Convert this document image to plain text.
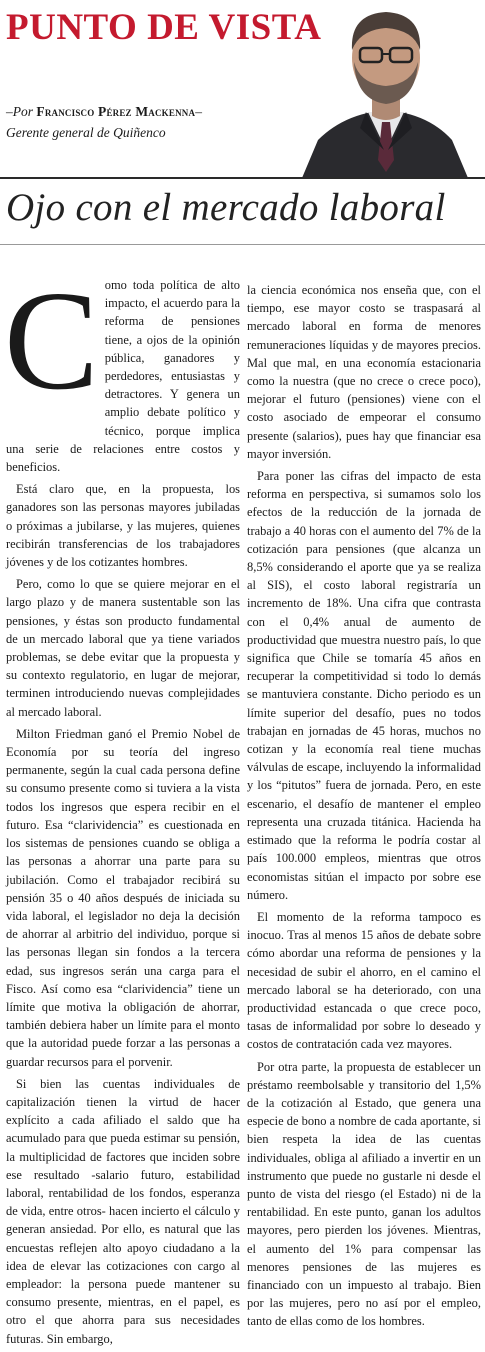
PUNTO DE VISTA
–Por Francisco Pérez Mackenna–
Gerente general de Quiñenco
Ojo con el mercado laboral
C omo toda política de alto impacto, el acuerdo para la reforma de pensiones tiene, a ojos de la opinión pública, ganadores y perdedores, entusiastas y detractores. Y genera un amplio debate político y técnico, porque implica una serie de relaciones entre costos y beneficios.

Está claro que, en la propuesta, los ganadores son las personas mayores jubiladas o próximas a jubilarse, y las mujeres, quienes recibirán transferencias de los trabajadores jóvenes y de los cotizantes hombres.

Pero, como lo que se quiere mejorar en el largo plazo y de manera sustentable son las pensiones, y éstas son producto fundamental de un mercado laboral que ya tiene variados problemas, se debe evitar que la propuesta y su contexto regulatorio, en lugar de mejorar, terminen introduciendo nuevas complejidades al mercado laboral.

Milton Friedman ganó el Premio Nobel de Economía por su teoría del ingreso permanente, según la cual cada persona define su consumo presente como si tuviera a la vista todos los ingresos que espera recibir en el futuro. Esa “clarividencia” es cuestionada en los sistemas de pensiones cuando se obliga a las personas a ahorrar una parte para su jubilación. Como el trabajador recibirá su pensión 35 o 40 años después de iniciada su vida laboral, el legislador no deja la decisión de ahorrar al arbitrio del individuo, porque si las personas llegan sin fondos a la tercera edad, sus ingresos serán una carga para el Fisco. Así como esa “clarividencia” tiene un límite que motiva la obligación de ahorrar, también debiera haber un límite para el monto que la autoridad puede forzar a las personas a guardar recursos para el porvenir.

Si bien las cuentas individuales de capitalización tienen la virtud de hacer explícito a cada afiliado el saldo que ha acumulado para que pueda estimar su pensión, la multiplicidad de factores que inciden sobre ese resultado -salario futuro, estabilidad laboral, rentabilidad de los fondos, esperanza de vida, entre otros- hacen incierto el cálculo y generan ansiedad. Por ello, es natural que las encuestas reflejen alto apoyo ciudadano a la idea de elevar las cotizaciones con cargo al empleador: la persona puede mantener su consumo presente, mientras, en el papel, es otro el que ahorra para sus necesidades futuras. Sin embargo,

la ciencia económica nos enseña que, con el tiempo, ese mayor costo se traspasará al mercado laboral en forma de menores remuneraciones líquidas y de mayores precios. Mal que mal, en una economía estacionaria como la nuestra (que no crece o crece poco), mejorar el futuro (pensiones) viene con el costo asociado de empeorar el consumo presente (salarios), pues hay que financiar esa mayor inversión.

Para poner las cifras del impacto de esta reforma en perspectiva, si sumamos solo los efectos de la reducción de la jornada de trabajo a 40 horas con el aumento del 7% de la cotización para pensiones (que alcanza un 8,5% considerando el aporte que ya se realiza al SIS), el costo laboral registraría un incremento de 18%. Una cifra que contrasta con el 0,4% anual de aumento de productividad que muestra nuestro país, lo que significa que Chile se tomaría 45 años en recuperar la competitividad si todo lo demás se mantuviera constante. Dicho periodo es un límite superior del desafío, pues no todos trabajan en jornadas de 45 horas, muchos no cotizan y la economía real tiene muchas válvulas de escape, incluyendo la informalidad y los “pitutos” fuera de jornada. Pero, en este escenario, el desafío de mantener el empleo representa una cruzada titánica. Hacienda ha estimado que la reforma le podría costar al país 100.000 empleos, mientras que otros economistas sitúan el impacto por sobre ese número.

El momento de la reforma tampoco es inocuo. Tras al menos 15 años de debate sobre cómo abordar una reforma de pensiones y la necesidad de subir el ahorro, en el camino el mercado laboral se ha deteriorado, con una productividad estancada o que crece poco, tasas de informalidad por sobre lo deseado y costos de contratación cada vez mayores.

Por otra parte, la propuesta de establecer un préstamo reembolsable y transitorio del 1,5% de la cotización al Estado, que genera una especie de bono a nombre de cada aportante, si bien respeta la idea de las cuentas individuales, obliga al afiliado a invertir en un instrumento que puede no gustarle ni desde el punto de vista del riesgo (el Estado) ni de la rentabilidad. En este punto, ganan los adultos mayores, pero pierden los jóvenes. Mientras, el aumento del 1% para compensar las menores pensiones de las mujeres es financiado con un impuesto al trabajo. Bien por las mujeres, pero no así por el empleo, tanto de ellas como de los hombres.
